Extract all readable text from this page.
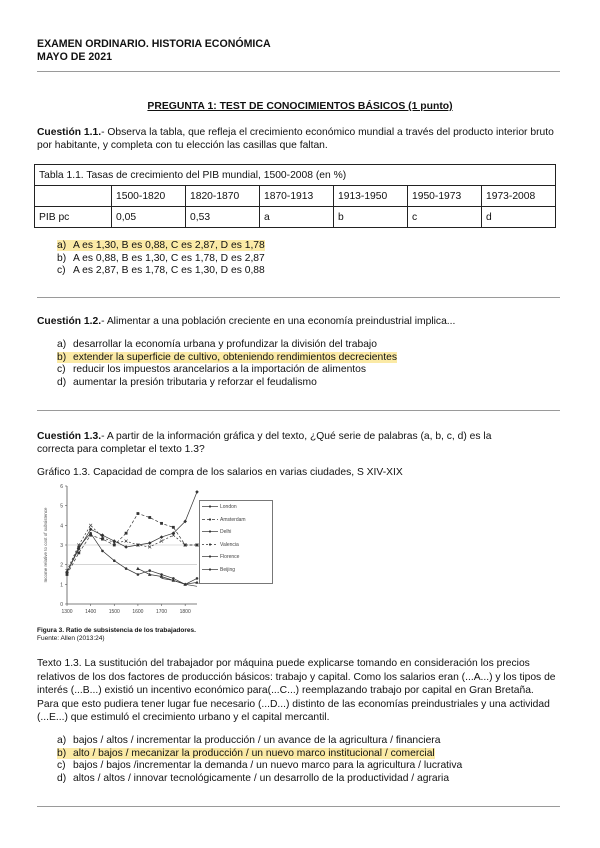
EXAMEN ORDINARIO. HISTORIA ECONÓMICA
MAYO DE 2021
PREGUNTA 1: TEST DE CONOCIMIENTOS BÁSICOS (1 punto)
Cuestión 1.1.- Observa la tabla, que refleja el crecimiento económico mundial a través del producto interior bruto por habitante, y completa con tu elección las casillas que faltan.
Tabla 1.1. Tasas de crecimiento del PIB mundial, 1500-2008 (en %)						
	1500-1820	1820-1870	1870-1913	1913-1950	1950-1973	1973-2008
PIB pc	0,05	0,53	a	b	c	d
a) A es 1,30, B es 0,88, C es 2,87, D es 1,78
b) A es 0,88, B es 1,30, C es 1,78, D es 2,87
c) A es 2,87, B es 1,78, C es 1,30, D es 0,88
Cuestión 1.2.- Alimentar a una población creciente en una economía preindustrial implica...
a) desarrollar la economía urbana y profundizar la división del trabajo
b) extender la superficie de cultivo, obteniendo rendimientos decrecientes
c) reducir los impuestos arancelarios a la importación de alimentos
d) aumentar la presión tributaria y reforzar el feudalismo
Cuestión 1.3.- A partir de la información gráfica y del texto, ¿Qué serie de palabras (a, b, c, d) es la
correcta para completar el texto 1.3?
Gráfico 1.3. Capacidad de compra de los salarios en varias ciudades, S XIV-XIX
0
1
2
3
4
5
6
1300	1400	1500	1600	1700	1800
Income relative to cost of subsistence
London
Amsterdam
Delhi
Valencia
Florence
Beijing
Figura 3. Ratio de subsistencia de los trabajadores.
Fuente: Allen (2013:24)
Texto 1.3. La sustitución del trabajador por máquina puede explicarse tomando en consideración los precios relativos de los dos factores de producción básicos: trabajo y capital. Como los salarios eran (...A...) y los tipos de interés (...B...) existió un incentivo económico para(...C...) reemplazando trabajo por capital en Gran Bretaña. Para que esto pudiera tener lugar fue necesario (...D...) distinto de las economías preindustriales y una actividad (...E...) que estimuló el crecimiento urbano y el capital mercantil.
a) bajos / altos / incrementar la producción / un avance de la agricultura / financiera
b) alto / bajos / mecanizar la producción / un nuevo marco institucional / comercial
c) bajos / bajos /incrementar la demanda / un nuevo marco para la agricultura / lucrativa
d) altos / altos / innovar tecnológicamente / un desarrollo de la productividad / agraria
